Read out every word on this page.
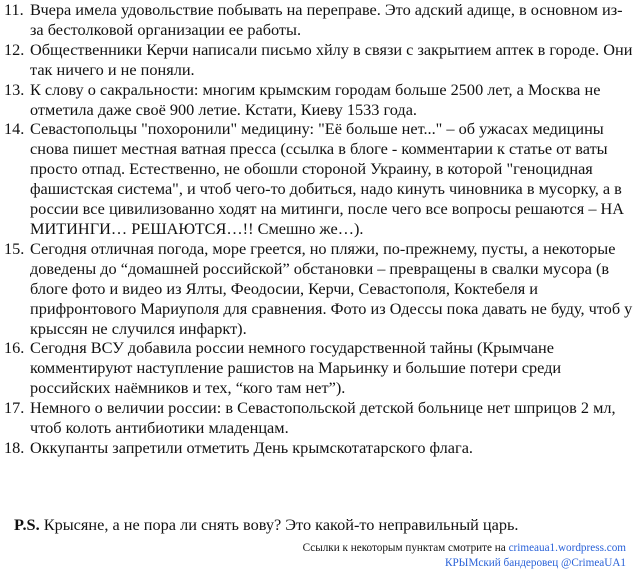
11. Вчера имела удовольствие побывать на переправе. Это адский адище, в основном из-за бестолковой организации ее работы.
12. Общественники Керчи написали письмо хйлу в связи с закрытием аптек в городе. Они так ничего и не поняли.
13. К слову о сакральности: многим крымским городам больше 2500 лет, а Москва не отметила даже своё 900 летие. Кстати, Киеву 1533 года.
14. Севастопольцы "похоронили" медицину: "Её больше нет..." – об ужасах медицины снова пишет местная ватная пресса (ссылка в блоге - комментарии к статье от ваты просто отпад. Естественно, не обошли стороной Украину, в которой "геноцидная фашистская система", и чтоб чего-то добиться, надо кинуть чиновника в мусорку, а в россии все цивилизованно ходят на митинги, после чего все вопросы решаются – НА МИТИНГИ… РЕШАЮТСЯ…!! Смешно же…).
15. Сегодня отличная погода, море греется, но пляжи, по-прежнему, пусты, а некоторые доведены до “домашней российской” обстановки – превращены в свалки мусора (в блоге фото и видео из Ялты, Феодосии, Керчи, Севастополя, Коктебеля и прифронтового Мариуполя для сравнения. Фото из Одессы пока давать не буду, чтоб у крыссян не случился инфаркт).
16. Сегодня ВСУ добавила россии немного государственной тайны (Крымчане комментируют наступление рашистов на Марьинку и большие потери среди российских наёмников и тех, “кого там нет”).
17. Немного о величии россии: в Севастопольской детской больнице нет шприцов 2 мл, чтоб колоть антибиотики младенцам.
18. Оккупанты запретили отметить День крымскотатарского флага.
P.S. Крысяне, а не пора ли снять вову? Это какой-то неправильный царь.
Ссылки к некоторым пунктам смотрите на crimeaua1.wordpress.com
КРЫМский бандеровец @CrimeaUA1
